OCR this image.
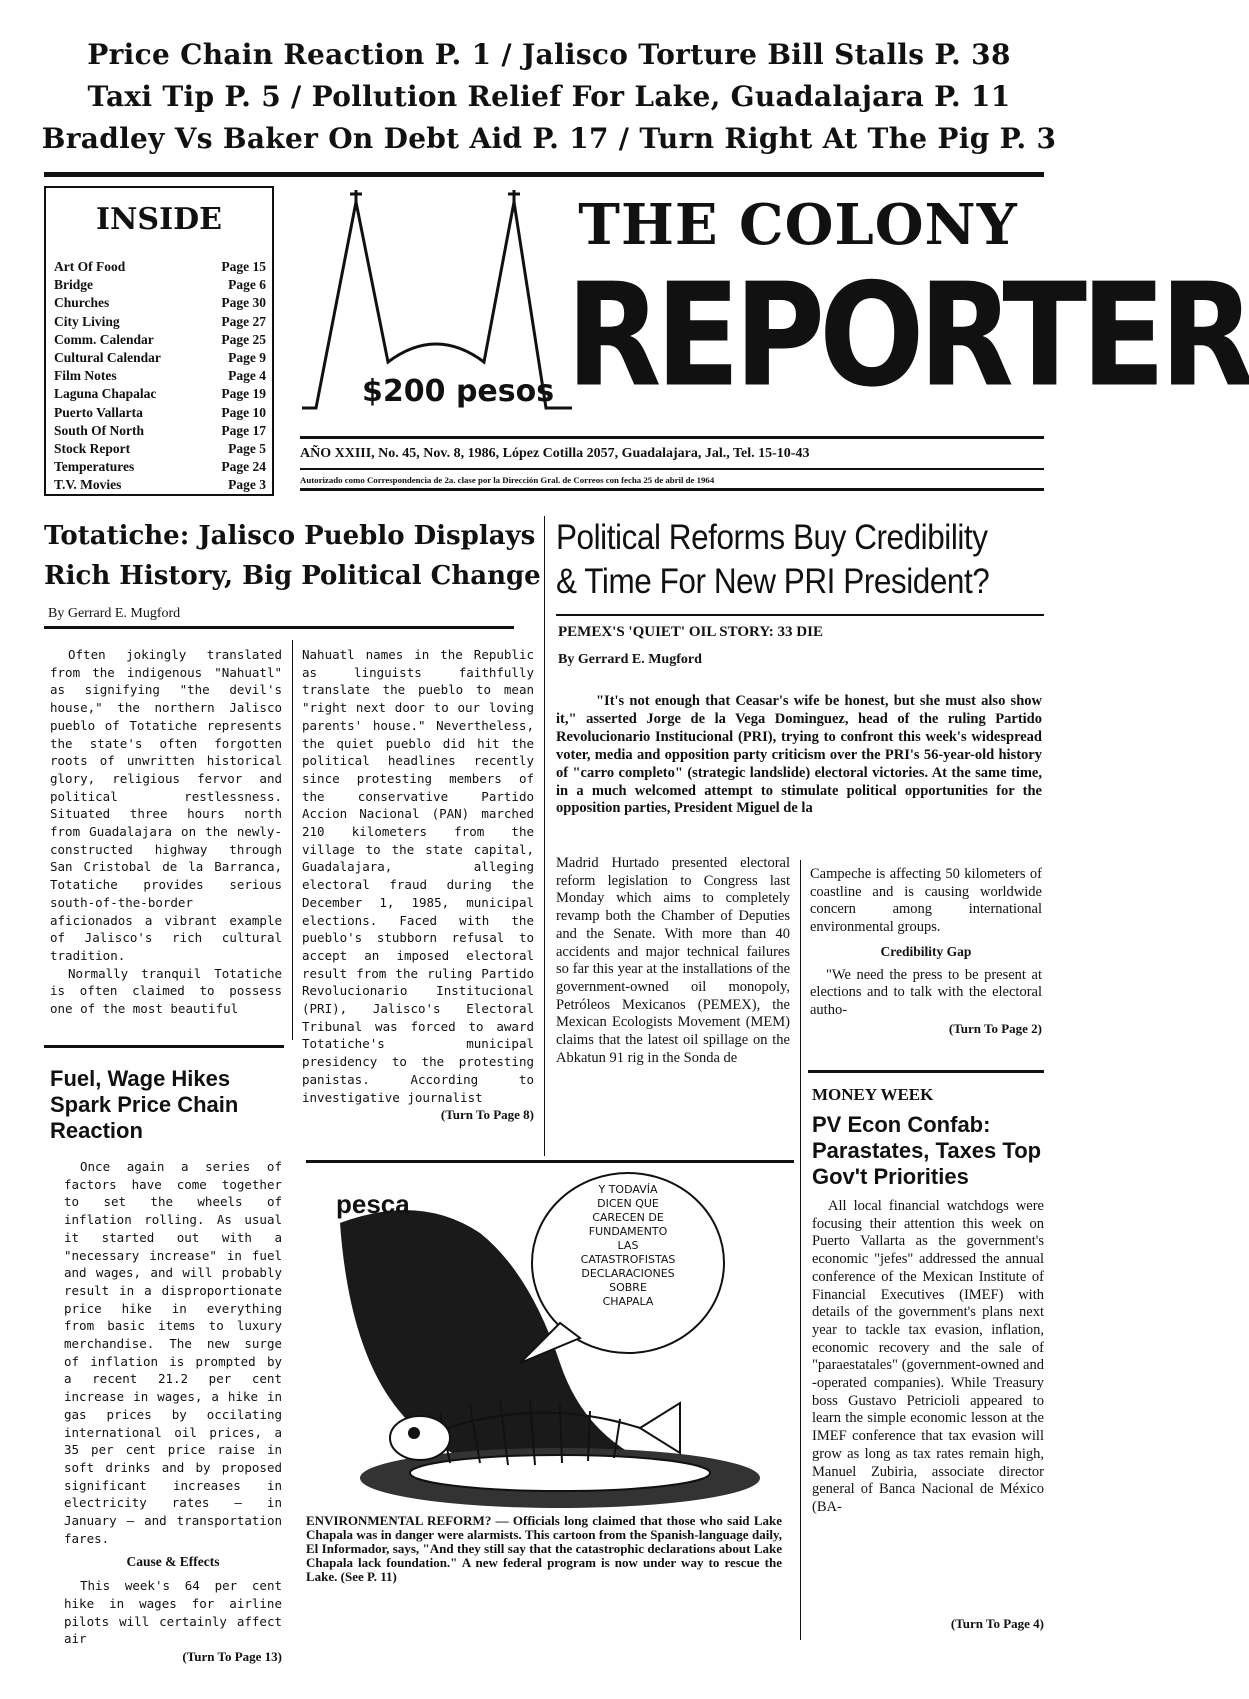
Price Chain Reaction P. 1 / Jalisco Torture Bill Stalls P. 38
Taxi Tip P. 5 / Pollution Relief For Lake, Guadalajara P. 11
Bradley Vs Baker On Debt Aid P. 17 / Turn Right At The Pig P. 3
INSIDE
Art Of Food	Page 15
Bridge	Page 6
Churches	Page 30
City Living	Page 27
Comm. Calendar	Page 25
Cultural Calendar	Page 9
Film Notes	Page 4
Laguna Chapalac	Page 19
Puerto Vallarta	Page 10
South Of North	Page 17
Stock Report	Page 5
Temperatures	Page 24
T.V. Movies	Page 3
THE COLONY
REPORTER
$200 pesos
AÑO XXIII, No. 45, Nov. 8, 1986, López Cotilla 2057, Guadalajara, Jal., Tel. 15-10-43
Autorizado como Correspondencia de 2a. clase por la Dirección Gral. de Correos con fecha 25 de abril de 1964
Totatiche: Jalisco Pueblo Displays
Rich History, Big Political Change
By Gerrard E. Mugford
Often jokingly translated from the indigenous "Nahuatl" as signifying "the devil's house," the northern Jalisco pueblo of Totatiche represents the state's often forgotten roots of unwritten historical glory, religious fervor and political restlessness. Situated three hours north from Guadalajara on the newly-constructed highway through San Cristobal de la Barranca, Totatiche provides serious south-of-the-border aficionados a vibrant example of Jalisco's rich cultural tradition.
Normally tranquil Totatiche is often claimed to possess one of the most beautiful
Nahuatl names in the Republic as linguists faithfully translate the pueblo to mean "right next door to our loving parents' house." Nevertheless, the quiet pueblo did hit the political headlines recently since protesting members of the conservative Partido Accion Nacional (PAN) marched 210 kilometers from the village to the state capital, Guadalajara, alleging electoral fraud during the December 1, 1985, municipal elections. Faced with the pueblo's stubborn refusal to accept an imposed electoral result from the ruling Partido Revolucionario Institucional (PRI), Jalisco's Electoral Tribunal was forced to award Totatiche's municipal presidency to the protesting panistas. According to investigative journalist
(Turn To Page 8)
Fuel, Wage Hikes Spark Price Chain Reaction
Once again a series of factors have come together to set the wheels of inflation rolling. As usual it started out with a "necessary increase" in fuel and wages, and will probably result in a disproportionate price hike in everything from basic items to luxury merchandise. The new surge of inflation is prompted by a recent 21.2 per cent increase in wages, a hike in gas prices by occilating international oil prices, a 35 per cent price raise in soft drinks and by proposed significant increases in electricity rates — in January — and transportation fares.
Cause & Effects
This week's 64 per cent hike in wages for airline pilots will certainly affect air
(Turn To Page 13)
Political Reforms Buy Credibility
& Time For New PRI President?
PEMEX'S 'QUIET' OIL STORY: 33 DIE
By Gerrard E. Mugford
"It's not enough that Ceasar's wife be honest, but she must also show it," asserted Jorge de la Vega Dominguez, head of the ruling Partido Revolucionario Institucional (PRI), trying to confront this week's widespread voter, media and opposition party criticism over the PRI's 56-year-old history of "carro completo" (strategic landslide) electoral victories. At the same time, in a much welcomed attempt to stimulate political opportunities for the opposition parties, President Miguel de la
Madrid Hurtado presented electoral reform legislation to Congress last Monday which aims to completely revamp both the Chamber of Deputies and the Senate. With more than 40 accidents and major technical failures so far this year at the installations of the government-owned oil monopoly, Petróleos Mexicanos (PEMEX), the Mexican Ecologists Movement (MEM) claims that the latest oil spillage on the Abkatun 91 rig in the Sonda de
Campeche is affecting 50 kilometers of coastline and is causing worldwide concern among international environmental groups.
Credibility Gap
"We need the press to be present at elections and to talk with the electoral autho-
(Turn To Page 2)
MONEY WEEK
PV Econ Confab: Parastates, Taxes Top Gov't Priorities
All local financial watchdogs were focusing their attention this week on Puerto Vallarta as the government's economic "jefes" addressed the annual conference of the Mexican Institute of Financial Executives (IMEF) with details of the government's plans next year to tackle tax evasion, inflation, economic recovery and the sale of "paraestatales" (government-owned and -operated companies). While Treasury boss Gustavo Petricioli appeared to learn the simple economic lesson at the IMEF conference that tax evasion will grow as long as tax rates remain high, Manuel Zubiria, associate director general of Banca Nacional de México (BA-
(Turn To Page 4)
pesca	Y TODAVÍA
DICEN QUE
CARECEN DE
FUNDAMENTO
LAS
CATASTROFISTAS
DECLARACIONES
SOBRE
CHAPALA
ENVIRONMENTAL REFORM? — Officials long claimed that those who said Lake Chapala was in danger were alarmists. This cartoon from the Spanish-language daily, El Informador, says, "And they still say that the catastrophic declarations about Lake Chapala lack foundation." A new federal program is now under way to rescue the Lake. (See P. 11)
